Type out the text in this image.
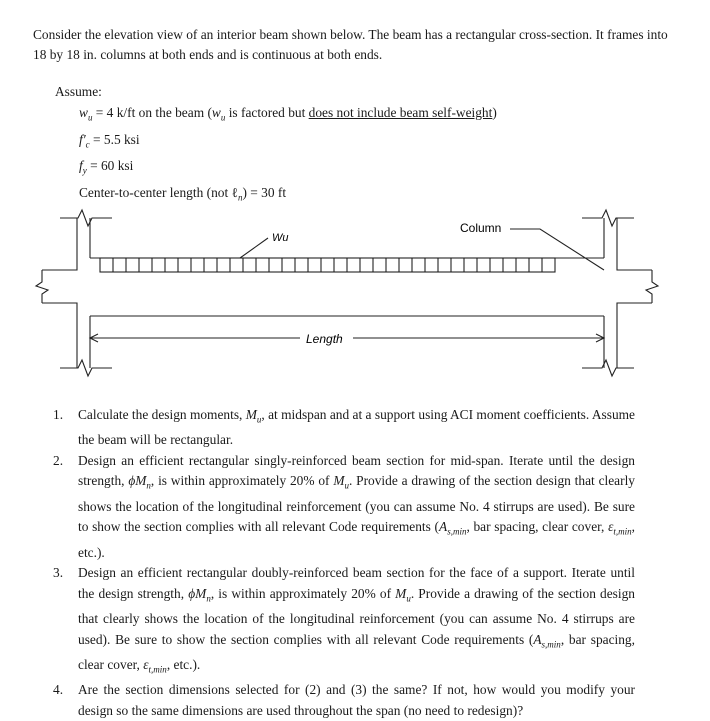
Consider the elevation view of an interior beam shown below. The beam has a rectangular cross-section. It frames into 18 by 18 in. columns at both ends and is continuous at both ends.
Assume:
$w_u = 4$ k/ft on the beam ($w_u$ is factored but does not include beam self-weight)
$f'_c = 5.5$ ksi
$f_y = 60$ ksi
Center-to-center length (not ℓ$_n$) = 30 ft
Wu
Column
Length
1. Calculate the design moments, $M_u$, at midspan and at a support using ACI moment coefficients. Assume the beam will be rectangular.
2. Design an efficient rectangular singly-reinforced beam section for mid-span. Iterate until the design strength, $\phi M_n$, is within approximately 20% of $M_u$. Provide a drawing of the section design that clearly shows the location of the longitudinal reinforcement (you can assume No. 4 stirrups are used). Be sure to show the section complies with all relevant Code requirements ($A_{s,min}$, bar spacing, clear cover, $\varepsilon_{t,min}$, etc.).
3. Design an efficient rectangular doubly-reinforced beam section for the face of a support. Iterate until the design strength, $\phi M_n$, is within approximately 20% of $M_u$. Provide a drawing of the section design that clearly shows the location of the longitudinal reinforcement (you can assume No. 4 stirrups are used). Be sure to show the section complies with all relevant Code requirements ($A_{s,min}$, bar spacing, clear cover, $\varepsilon_{t,min}$, etc.).
4. Are the section dimensions selected for (2) and (3) the same? If not, how would you modify your design so the same dimensions are used throughout the span (no need to redesign)?
